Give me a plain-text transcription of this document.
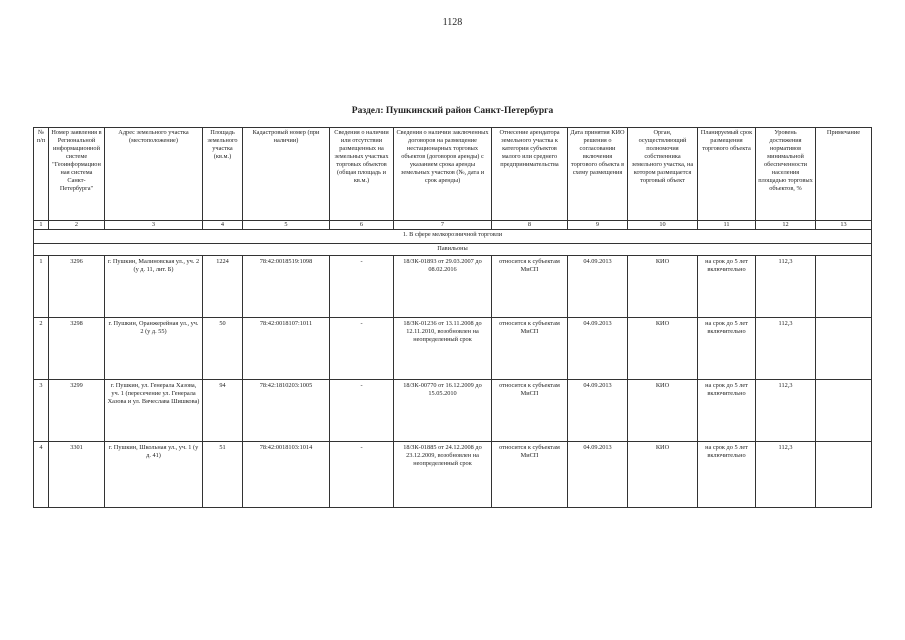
1128
Раздел: Пушкинский район Санкт-Петербурга
№ п/п	Номер заявления в Региональной информационной системе "Геоинформационная система Санкт-Петербурга"	Адрес земельного участка (местоположение)	Площадь земельного участка (кв.м.)	Кадастровый номер (при наличии)	Сведения о наличии или отсутствии размещенных на земельных участках торговых объектов (общая площадь и кв.м.)	Сведения о наличии заключенных договоров на размещение нестационарных торговых объектов (договоров аренды) с указанием срока аренды земельных участков (№, дата и срок аренды)	Отнесение арендатора земельного участка к категории субъектов малого или среднего предпринимательства	Дата принятия КИО решения о согласовании включения торгового объекта в схему размещения	Орган, осуществляющий полномочия собственника земельного участка, на котором размещается торговый объект	Планируемый срок размещения торгового объекта	Уровень достижения нормативов минимальной обеспеченности населения площадью торговых объектов, %	Примечание
1	2	3	4	5	6	7	8	9	10	11	12	13
1. В сфере мелкорозничной торговли												
Павильоны												
1	3296	г. Пушкин, Малиновская ул., уч. 2 (у д. 11, лит. Б)	1224	78:42:0018519:1098	-	18/ЗК-01893 от 29.03.2007 до 08.02.2016	относится к субъектам МиСП	04.09.2013	КИО	на срок до 5 лет включительно	112,3	
2	3298	г. Пушкин, Оранжерейная ул., уч. 2 (у д. 55)	50	78:42:0018107:1011	-	18/ЗК-01236 от 13.11.2008 до 12.11.2010, возобновлен на неопределенный срок	относится к субъектам МиСП	04.09.2013	КИО	на срок до 5 лет включительно	112,3	
3	3299	г. Пушкин, ул. Генерала Хазова, уч. 1 (пересечение ул. Генерала Хазова и ул. Вячеслава Шишкова)	94	78:42:1810203:1005	-	18/ЗК-00770 от 16.12.2009 до 15.05.2010	относится к субъектам МиСП	04.09.2013	КИО	на срок до 5 лет включительно	112,3	
4	3301	г. Пушкин, Школьная ул., уч. 1 (у д. 41)	51	78:42:0018103:1014	-	18/ЗК-01885 от 24.12.2008 до 23.12.2009, возобновлен на неопределенный срок	относится к субъектам МиСП	04.09.2013	КИО	на срок до 5 лет включительно	112,3	
